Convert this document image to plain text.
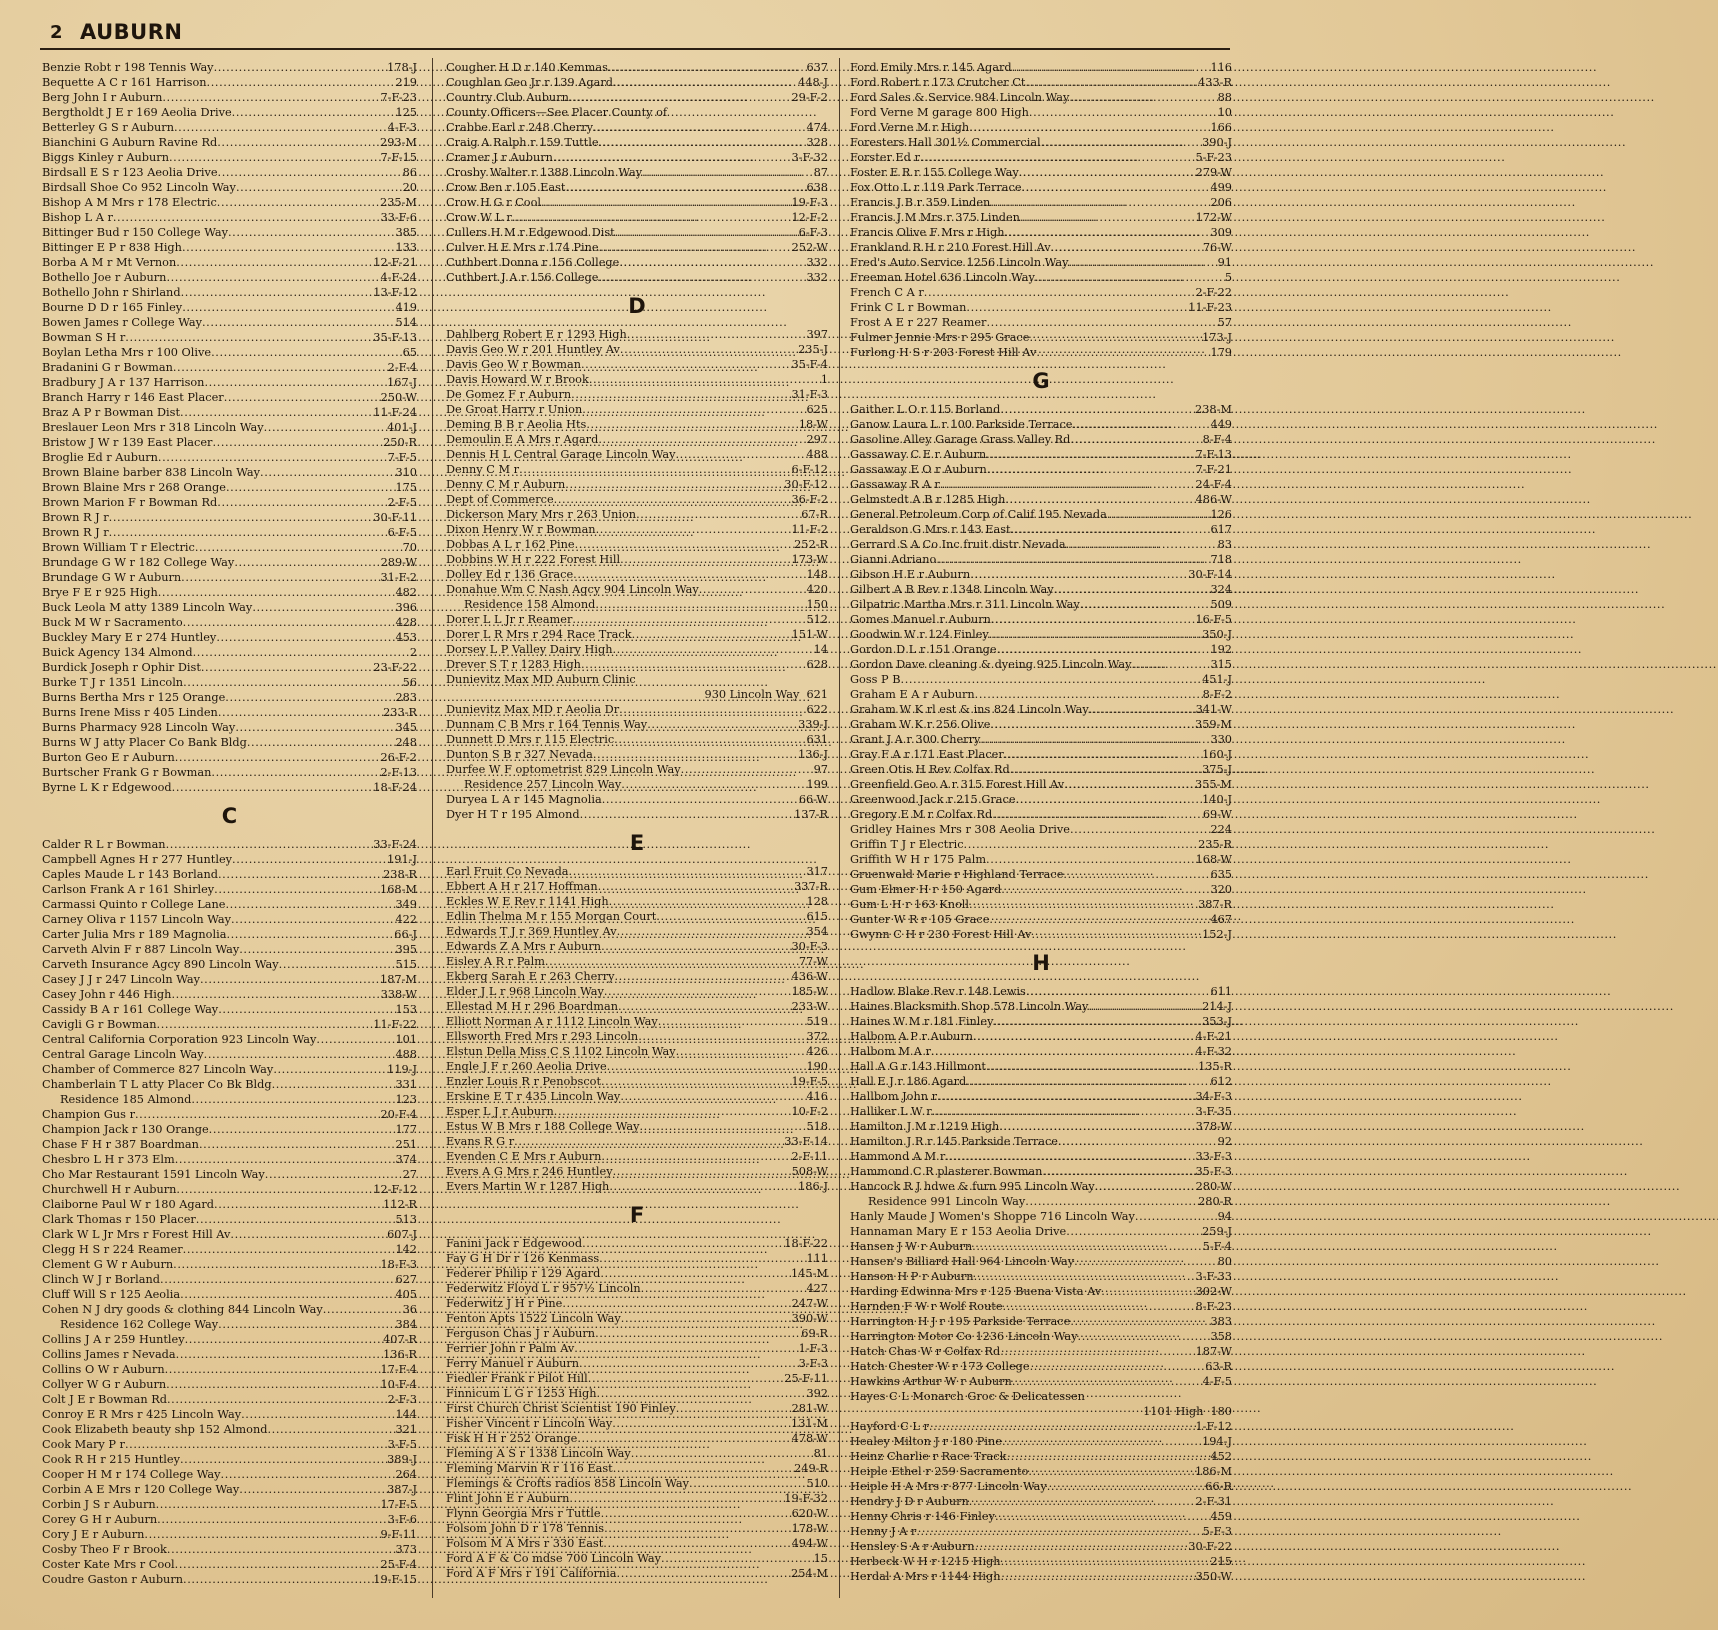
2 AUBURN
Benzie Robt r 198 Tennis Way . . .	178-J
Bequette A C r 161 Harrison . . .	219
Berg John I r Auburn . . .	7-F-23
Bergtholdt J E r 169 Aeolia Drive . . .	125
Betterley G S r Auburn . . .	4-F-3
Bianchini G Auburn Ravine Rd . . .	293-M
Biggs Kinley r Auburn . . .	7-F-15
Birdsall E S r 123 Aeolia Drive . . .	86
Birdsall Shoe Co 952 Lincoln Way . . .	20
Bishop A M Mrs r 178 Electric . . .	235-M
Bishop L A r . . .	33-F-6
Bittinger Bud r 150 College Way . . .	385
Bittinger E P r 838 High . . .	133
Borba A M r Mt Vernon . . .	12-F-21
Bothello Joe r Auburn . . .	4-F-24
Bothello John r Shirland . . .	13-F-12
Bourne D D r 165 Finley . . .	419
Bowen James r College Way . . .	514
Bowman S H r . . .	35-F-13
Boylan Letha Mrs r 100 Olive . . .	65
Bradanini G r Bowman . . .	2-F-4
Bradbury J A r 137 Harrison . . .	167-J
Branch Harry r 146 East Placer . . .	250-W
Braz A P r Bowman Dist . . .	11-F-24
Breslauer Leon Mrs r 318 Lincoln Way . . .	401-J
Bristow J W r 139 East Placer . . .	250-R
Broglie Ed r Auburn . . .	7-F-5
Brown Blaine barber 838 Lincoln Way . . .	310
Brown Blaine Mrs r 268 Orange . . .	175
Brown Marion F r Bowman Rd . . .	2-F-5
Brown R J r . . .	30-F-11
Brown R J r . . .	6-F-5
Brown William T r Electric . . .	70
Brundage G W r 182 College Way . . .	289-W
Brundage G W r Auburn . . .	31-F-2
Brye F E r 925 High . . .	482
Buck Leola M atty 1389 Lincoln Way . . .	396
Buck M W r Sacramento . . .	428
Buckley Mary E r 274 Huntley . . .	453
Buick Agency 134 Almond . . .	2
Burdick Joseph r Ophir Dist . . .	23-F-22
Burke T J r 1351 Lincoln . . .	56
Burns Bertha Mrs r 125 Orange . . .	283
Burns Irene Miss r 405 Linden . . .	233-R
Burns Pharmacy 928 Lincoln Way . . .	345
Burns W J atty Placer Co Bank Bldg . . .	248
Burton Geo E r Auburn . . .	26-F-2
Burtscher Frank G r Bowman . . .	2-F-13
Byrne L K r Edgewood . . .	18-F-24
C
Calder R L r Bowman . . .	33-F-24
Campbell Agnes H r 277 Huntley . . .	191-J
Caples Maude L r 143 Borland . . .	238-R
Carlson Frank A r 161 Shirley . . .	168-M
Carmassi Quinto r College Lane . . .	349
Carney Oliva r 1157 Lincoln Way . . .	422
Carter Julia Mrs r 189 Magnolia . . .	66-J
Carveth Alvin F r 887 Lincoln Way . . .	395
Carveth Insurance Agcy 890 Lincoln Way . . .	515
Casey J J r 247 Lincoln Way . . .	187-M
Casey John r 446 High . . .	338-W
Cassidy B A r 161 College Way . . .	153
Cavigli G r Bowman . . .	11-F-22
Central California Corporation 923 Lincoln Way . . .	101
Central Garage Lincoln Way . . .	488
Chamber of Commerce 827 Lincoln Way . . .	119-J
Chamberlain T L atty Placer Co Bk Bldg . . .	331
Residence 185 Almond . . .	123
Champion Gus r . . .	20-F-4
Champion Jack r 130 Orange . . .	177
Chase F H r 387 Boardman . . .	251
Chesbro L H r 373 Elm . . .	374
Cho Mar Restaurant 1591 Lincoln Way . . .	27
Churchwell H r Auburn . . .	12-F-12
Claiborne Paul W r 180 Agard . . .	112-R
Clark Thomas r 150 Placer . . .	513
Clark W L Jr Mrs r Forest Hill Av . . .	607-J
Clegg H S r 224 Reamer . . .	142
Clement G W r Auburn . . .	18-F-3
Clinch W J r Borland . . .	627
Cluff Will S r 125 Aeolia . . .	405
Cohen N J dry goods & clothing 844 Lincoln Way . . .	36
Residence 162 College Way . . .	384
Collins J A r 259 Huntley . . .	407-R
Collins James r Nevada . . .	136-R
Collins O W r Auburn . . .	17-F-4
Collyer W G r Auburn . . .	10-F-4
Colt J E r Bowman Rd . . .	2-F-3
Conroy E R Mrs r 425 Lincoln Way . . .	144
Cook Elizabeth beauty shp 152 Almond . . .	321
Cook Mary P r . . .	3-F-5
Cook R H r 215 Huntley . . .	389-J
Cooper H M r 174 College Way . . .	264
Corbin A E Mrs r 120 College Way . . .	387-J
Corbin J S r Auburn . . .	17-F-5
Corey G H r Auburn . . .	3-F-6
Cory J E r Auburn . . .	9-F-11
Cosby Theo F r Brook . . .	373
Coster Kate Mrs r Cool . . .	25-F-4
Coudre Gaston r Auburn . . .	19-F-15
Cougher H D r 140 Kemmas . . .	637
Coughlan Geo Jr r 139 Agard . . .	448-J
Country Club Auburn . . .	29-F-2
County Officers—See Placer County of
Crabbe Earl r 248 Cherry . . .	474
Craig A Ralph r 159 Tuttle . . .	328
Cramer J r Auburn . . .	3-F-32
Crosby Walter r 1388 Lincoln Way . . .	87
Crow Ben r 105 East . . .	638
Crow H G r Cool . . .	19-F-3
Crow W L r . . .	12-F-2
Cullers H M r Edgewood Dist . . .	6-F-3
Culver H E Mrs r 174 Pine . . .	252-W
Cuthbert Donna r 156 College . . .	332
Cuthbert J A r 156 College . . .	332
D
Dahlberg Robert E r 1293 High . . .	397
Davis Geo W r 201 Huntley Av . . .	235-J
Davis Geo W r Bowman . . .	35-F-4
Davis Howard W r Brook . . .	1
De Gomez F r Auburn . . .	31-F-3
De Groat Harry r Union . . .	625
Deming B B r Aeolia Hts . . .	18-W
Demoulin E A Mrs r Agard . . .	297
Dennis H L Central Garage Lincoln Way . . .	488
Denny C M r . . .	6-F-12
Denny C M r Auburn . . .	30-F-12
Dept of Commerce . . .	36-F-2
Dickerson Mary Mrs r 263 Union . . .	67-R
Dixon Henry W r Bowman . . .	11-F-2
Dobbas A L r 162 Pine . . .	252-R
Dobbins W H r 222 Forest Hill . . .	173-W
Dolley Ed r 136 Grace . . .	148
Donahue Wm C Nash Agcy 904 Lincoln Way . . .	420
Residence 158 Almond . . .	150
Dorer L L Jr r Reamer . . .	512
Dorer L R Mrs r 294 Race Track . . .	151-W
Dorsey L P Valley Dairy High . . .	14
Drever S T r 1283 High . . .	628
Dunievitz Max MD Auburn Clinic
930 Lincoln Way 621
Dunievitz Max MD r Aeolia Dr . . .	622
Dunnam C B Mrs r 164 Tennis Way . . .	339-J
Dunnett D Mrs r 115 Electric . . .	631
Dunton S B r 327 Nevada . . .	136-J
Durfee W F optometrist 829 Lincoln Way . . .	97
Residence 257 Lincoln Way . . .	199
Duryea L A r 145 Magnolia . . .	66-W
Dyer H T r 195 Almond . . .	137-R
E
Earl Fruit Co Nevada . . .	317
Ebbert A H r 217 Hoffman . . .	337-R
Eckles W E Rev r 1141 High . . .	128
Edlin Thelma M r 155 Morgan Court . . .	615
Edwards T J r 369 Huntley Av . . .	354
Edwards Z A Mrs r Auburn . . .	30-F-3
Eisley A R r Palm . . .	77-W
Ekberg Sarah E r 263 Cherry . . .	436-W
Elder J L r 968 Lincoln Way . . .	185-W
Ellestad M H r 296 Boardman . . .	233-W
Elliott Norman A r 1112 Lincoln Way . . .	519
Ellsworth Fred Mrs r 293 Lincoln . . .	372
Elstun Della Miss C S 1102 Lincoln Way . . .	426
Engle J F r 260 Aeolia Drive . . .	190
Enzler Louis R r Penobscot . . .	19-F-5
Erskine E T r 435 Lincoln Way . . .	416
Esper L J r Auburn . . .	10-F-2
Estus W B Mrs r 188 College Way . . .	518
Evans R G r . . .	33-F-14
Evenden C E Mrs r Auburn . . .	2-F-11
Evers A G Mrs r 246 Huntley . . .	508-W
Evers Martin W r 1287 High . . .	186-J
F
Fanini Jack r Edgewood . . .	18-F-22
Fay G H Dr r 126 Kenmass . . .	111
Federer Philip r 129 Agard . . .	145-M
Federwitz Floyd L r 957½ Lincoln . . .	427
Federwitz J H r Pine . . .	247-W
Fenton Apts 1522 Lincoln Way . . .	390-W
Ferguson Chas J r Auburn . . .	69-R
Ferrier John r Palm Av . . .	1-F-3
Ferry Manuel r Auburn . . .	3-F-3
Fiedler Frank r Pilot Hill . . .	25-F-11
Finnicum L G r 1253 High . . .	392
First Church Christ Scientist 190 Finley . . .	281-W
Fisher Vincent r Lincoln Way . . .	131-M
Fisk H H r 252 Orange . . .	478-W
Fleming A S r 1338 Lincoln Way . . .	81
Fleming Marvin R r 116 East . . .	249-R
Flemings & Crofts radios 858 Lincoln Way . . .	510
Flint John E r Auburn . . .	19-F-32
Flynn Georgia Mrs r Tuttle . . .	620-W
Folsom John D r 178 Tennis . . .	178-W
Folsom M A Mrs r 330 East . . .	494-W
Ford A F & Co mdse 700 Lincoln Way . . .	15
Ford A F Mrs r 191 California . . .	254-M
Ford Emily Mrs r 145 Agard . . .	116
Ford Robert r 173 Crutcher Ct . . .	433-R
Ford Sales & Service 984 Lincoln Way . . .	88
Ford Verne M garage 800 High . . .	10
Ford Verne M r High . . .	166
Foresters Hall 301½ Commercial . . .	390-J
Forster Ed r . . .	5-F-23
Foster E R r 155 College Way . . .	279-W
Fox Otto L r 119 Park Terrace . . .	499
Francis J B r 359 Linden . . .	206
Francis J M Mrs r 375 Linden . . .	172-W
Francis Olive F Mrs r High . . .	309
Frankland R H r 210 Forest Hill Av . . .	76-W
Fred's Auto Service 1256 Lincoln Way . . .	91
Freeman Hotel 636 Lincoln Way . . .	5
French C A r . . .	2-F-22
Frink C L r Bowman . . .	11-F-23
Frost A E r 227 Reamer . . .	57
Fulmer Jennie Mrs r 295 Grace . . .	173-J
Furlong H S r 203 Forest Hill Av . . .	179
G
Gaither L O r 115 Borland . . .	238-M
Ganow Laura L r 100 Parkside Terrace . . .	449
Gasoline Alley Garage Grass Valley Rd . . .	8-F-4
Gassaway C E r Auburn . . .	7-F-13
Gassaway E O r Auburn . . .	7-F-21
Gassaway R A r . . .	24-F-4
Gelmstedt A B r 1285 High . . .	486-W
General Petroleum Corp of Calif 195 Nevada . . .	126
Geraldson G Mrs r 143 East . . .	617
Gerrard S A Co Inc fruit distr Nevada . . .	83
Gianni Adriano . . .	718
Gibson H E r Auburn . . .	30-F-14
Gilbert A B Rev r 1348 Lincoln Way . . .	324
Gilpatric Martha Mrs r 311 Lincoln Way . . .	509
Gomes Manuel r Auburn . . .	16-F-5
Goodwin W r 124 Finley . . .	350-J
Gordon D L r 151 Orange . . .	192
Gordon Dave cleaning & dyeing 925 Lincoln Way . . .	315
Goss P B . . .	451-J
Graham E A r Auburn . . .	8-F-2
Graham W K rl est & ins 824 Lincoln Way . . .	341-W
Graham W K r 256 Olive . . .	359-M
Grant J A r 300 Cherry . . .	330
Gray F A r 171 East Placer . . .	160-J
Green Otis H Rev Colfax Rd . . .	375-J
Greenfield Geo A r 315 Forest Hill Av . . .	355-M
Greenwood Jack r 215 Grace . . .	140-J
Gregory E M r Colfax Rd . . .	69-W
Gridley Haines Mrs r 308 Aeolia Drive . . .	224
Griffin T J r Electric . . .	235-R
Griffith W H r 175 Palm . . .	168-W
Gruenwald Marie r Highland Terrace . . .	635
Gum Elmer H r 150 Agard . . .	320
Gum L H r 163 Knoll . . .	387-R
Gunter W R r 105 Grace . . .	467
Gwynn C H r 230 Forest Hill Av . . .	152-J
H
Hadlow Blake Rev r 148 Lewis . . .	611
Haines Blacksmith Shop 578 Lincoln Way . . .	214-J
Haines W M r 181 Finley . . .	353-J
Halbom A P r Auburn . . .	4-F-21
Halbom M A r . . .	4-F-32
Hall A G r 143 Hillmont . . .	135-R
Hall E J r 186 Agard . . .	612
Hallbom John r . . .	34-F-3
Halliker L W r . . .	3-F-35
Hamilton J M r 1219 High . . .	378-W
Hamilton J R r 145 Parkside Terrace . . .	92
Hammond A M r . . .	33-F-3
Hammond C R plasterer Bowman . . .	35-F-3
Hancock R J hdwe & furn 995 Lincoln Way . . .	280-W
Residence 991 Lincoln Way . . .	280-R
Hanly Maude J Women's Shoppe 716 Lincoln Way . . .	94
Hannaman Mary E r 153 Aeolia Drive . . .	259-J
Hansen J W r Auburn . . .	5-F-4
Hansen's Billiard Hall 964 Lincoln Way . . .	80
Hanson H P r Auburn . . .	3-F-33
Harding Edwinna Mrs r 125 Buena Vista Av . . .	302-W
Harnden F W r Wolf Route . . .	8-F-23
Harrington H J r 195 Parkside Terrace . . .	383
Harrington Motor Co 1236 Lincoln Way . . .	358
Hatch Chas W r Colfax Rd . . .	187-W
Hatch Chester W r 173 College . . .	63-R
Hawkins Arthur W r Auburn . . .	4-F-5
Hayes C L Monarch Groc & Delicatessen
1101 High 180
Hayford C L r . . .	1-F-12
Healey Milton J r 180 Pine . . .	194-J
Heinz Charlie r Race Track . . .	452
Heiple Ethel r 259 Sacramento . . .	186-M
Heiple H A Mrs r 877 Lincoln Way . . .	66-R
Hendry J D r Auburn . . .	2-F-31
Henny Chris r 146 Finley . . .	459
Henny J A r . . .	5-F-3
Hensley S A r Auburn . . .	30-F-22
Herbeck W H r 1215 High . . .	215
Herdal A Mrs r 1144 High . . .	350-W
